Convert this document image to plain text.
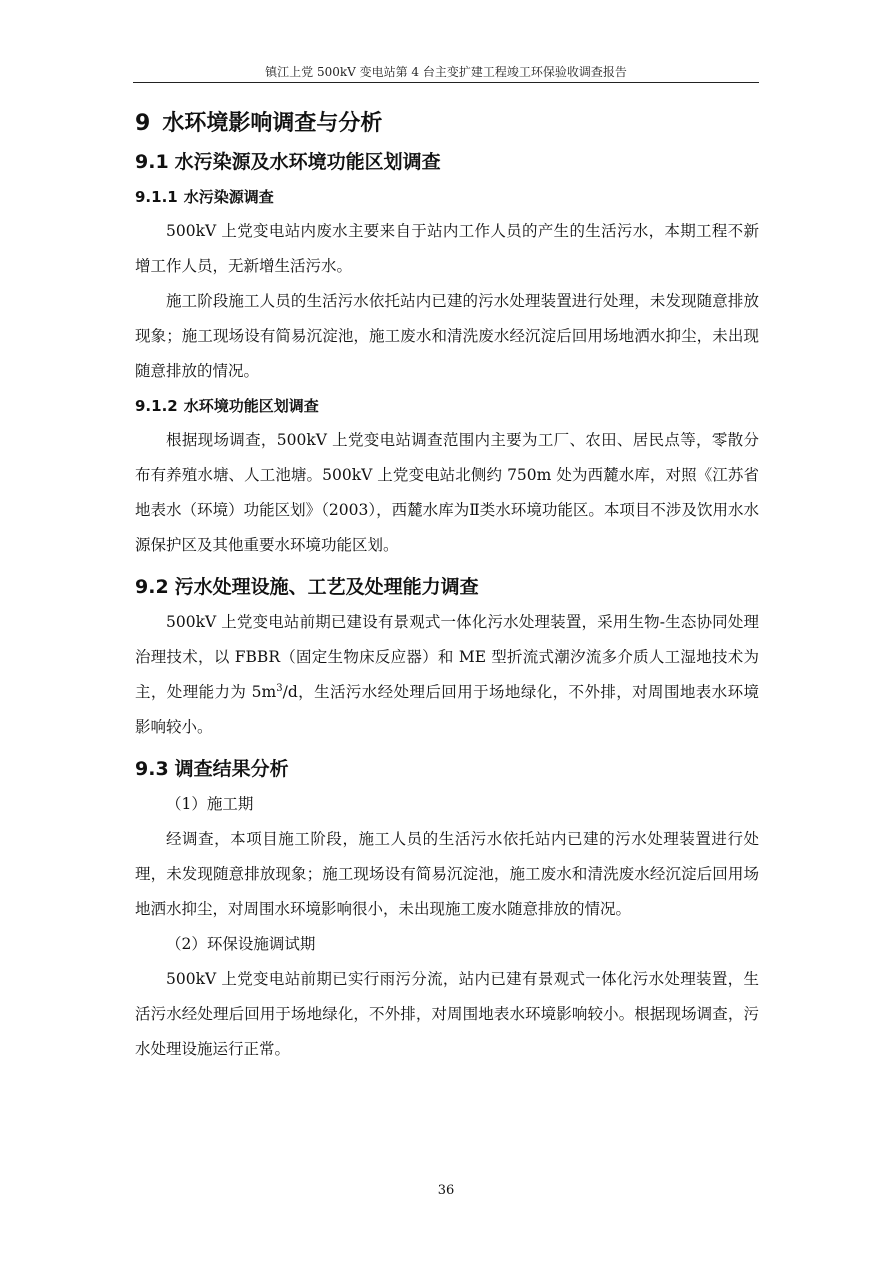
镇江上党 500kV 变电站第 4 台主变扩建工程竣工环保验收调查报告
9 水环境影响调查与分析
9.1 水污染源及水环境功能区划调查
9.1.1 水污染源调查

500kV 上党变电站内废水主要来自于站内工作人员的产生的生活污水，本期工程不新增工作人员，无新增生活污水。

施工阶段施工人员的生活污水依托站内已建的污水处理装置进行处理，未发现随意排放现象；施工现场设有简易沉淀池，施工废水和清洗废水经沉淀后回用场地洒水抑尘，未出现随意排放的情况。

9.1.2 水环境功能区划调查

根据现场调查，500kV 上党变电站调查范围内主要为工厂、农田、居民点等，零散分布有养殖水塘、人工池塘。500kV 上党变电站北侧约 750m 处为西麓水库，对照《江苏省地表水（环境）功能区划》（2003），西麓水库为Ⅱ类水环境功能区。本项目不涉及饮用水水源保护区及其他重要水环境功能区划。

9.2 污水处理设施、工艺及处理能力调查

500kV 上党变电站前期已建设有景观式一体化污水处理装置，采用生物-生态协同处理治理技术，以 FBBR（固定生物床反应器）和 ME 型折流式潮汐流多介质人工湿地技术为主，处理能力为 $5m^3/d$，生活污水经处理后回用于场地绿化，不外排，对周围地表水环境影响较小。

9.3 调查结果分析

（1）施工期

经调查，本项目施工阶段，施工人员的生活污水依托站内已建的污水处理装置进行处理，未发现随意排放现象；施工现场设有简易沉淀池，施工废水和清洗废水经沉淀后回用场地洒水抑尘，对周围水环境影响很小，未出现施工废水随意排放的情况。

（2）环保设施调试期

500kV 上党变电站前期已实行雨污分流，站内已建有景观式一体化污水处理装置，生活污水经处理后回用于场地绿化，不外排，对周围地表水环境影响较小。根据现场调查，污水处理设施运行正常。

36
